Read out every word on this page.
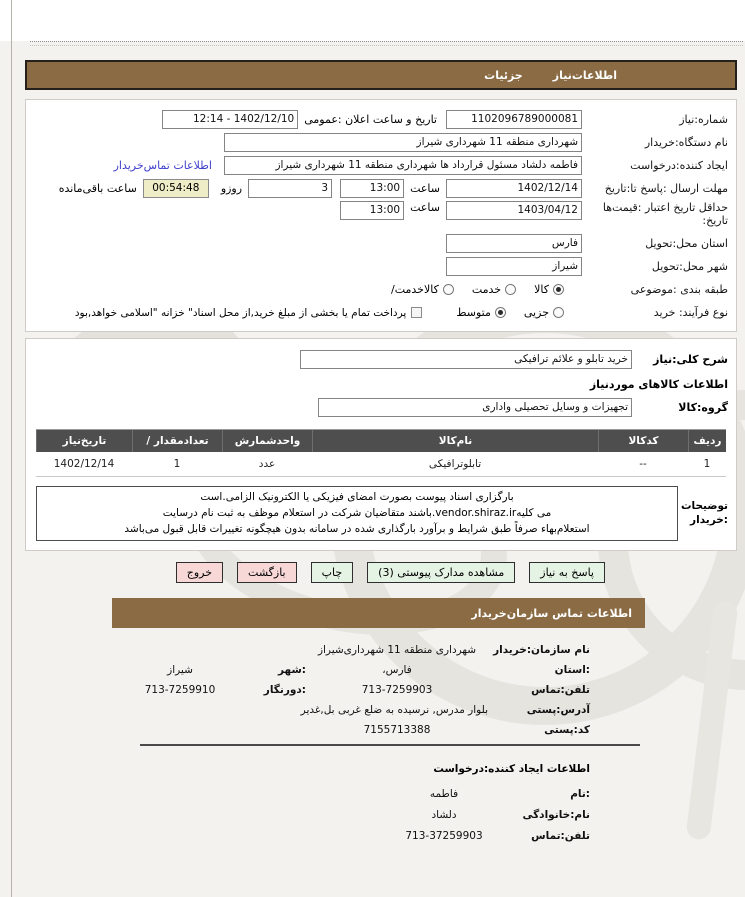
اطلاعات‌نیاز
جزئیات
شماره:نیاز
1102096789000081
تاریخ و ساعت اعلان :عمومی
12:14 - 1402/12/10
نام دستگاه:خریدار
شهرداری منطقه 11 شهرداری شیراز
ایجاد کننده:درخواست
فاطمه دلشاد مسئول قرارداد ها شهرداری منطقه 11 شهرداری شیراز
اطلاعات تماس‌خریدار
مهلت ارسال :پاسخ تا:تاریخ
1402/12/14
ساعت
13:00
3
روزو
00:54:48
ساعت باقی‌مانده
حداقل تاریخ اعتبار :قیمت‌ها
تاریخ:
1403/04/12
ساعت
13:00
استان محل:تحویل
فارس
شهر محل:تحویل
شیراز
طبقه بندی :موضوعی
کالا
خدمت
کالاخدمت/
نوع فرآیند: خرید
جزیی
متوسط
پرداخت تمام یا بخشی از مبلغ خرید,از محل اسناد" خزانه "اسلامی خواهد,بود
شرح کلی:نیاز
خرید تابلو و علائم ترافیکی
اطلاعات کالاهای موردنیاز
گروه:کالا
تجهیزات و وسایل تحصیلی واداری
ردیف
کدکالا
نام‌کالا
واحدشمارش
تعدادمقدار /
تاریخ‌نیاز
1
--
تابلوترافیکی
عدد
1
1402/12/14
توضیحات
:خریدار
بارگزاری اسناد پیوست بصورت امضای فیزیکی یا الکترونیک الزامی.است
می کلیهvendor.shiraz.ir.باشند متقاضیان شرکت در استعلام موظف به ثبت نام درسایت
استعلام‌بهاء صرفاً طبق شرایط و برآورد بارگذاری شده در سامانه بدون هیچگونه تغییرات قابل قبول می‌باشد
پاسخ به نیاز
مشاهده مدارک پیوستی (3)
چاپ
بازگشت
خروج
اطلاعات تماس سازمان‌خریدار
نام سازمان:خریدار
شهرداری منطقه 11 شهرداری‌شیراز
:استان
فارس،
:شهر
شیراز
تلفن:تماس
713-7259903
:دورنگار
713-7259910
آدرس:پستی
بلوار مدرس, نرسیده به ضلع غربی بل,غدیر
کد:پستی
7155713388
اطلاعات ایجاد کننده:درخواست
:نام
فاطمه
نام:خانوادگی
دلشاد
تلفن:تماس
713-37259903
